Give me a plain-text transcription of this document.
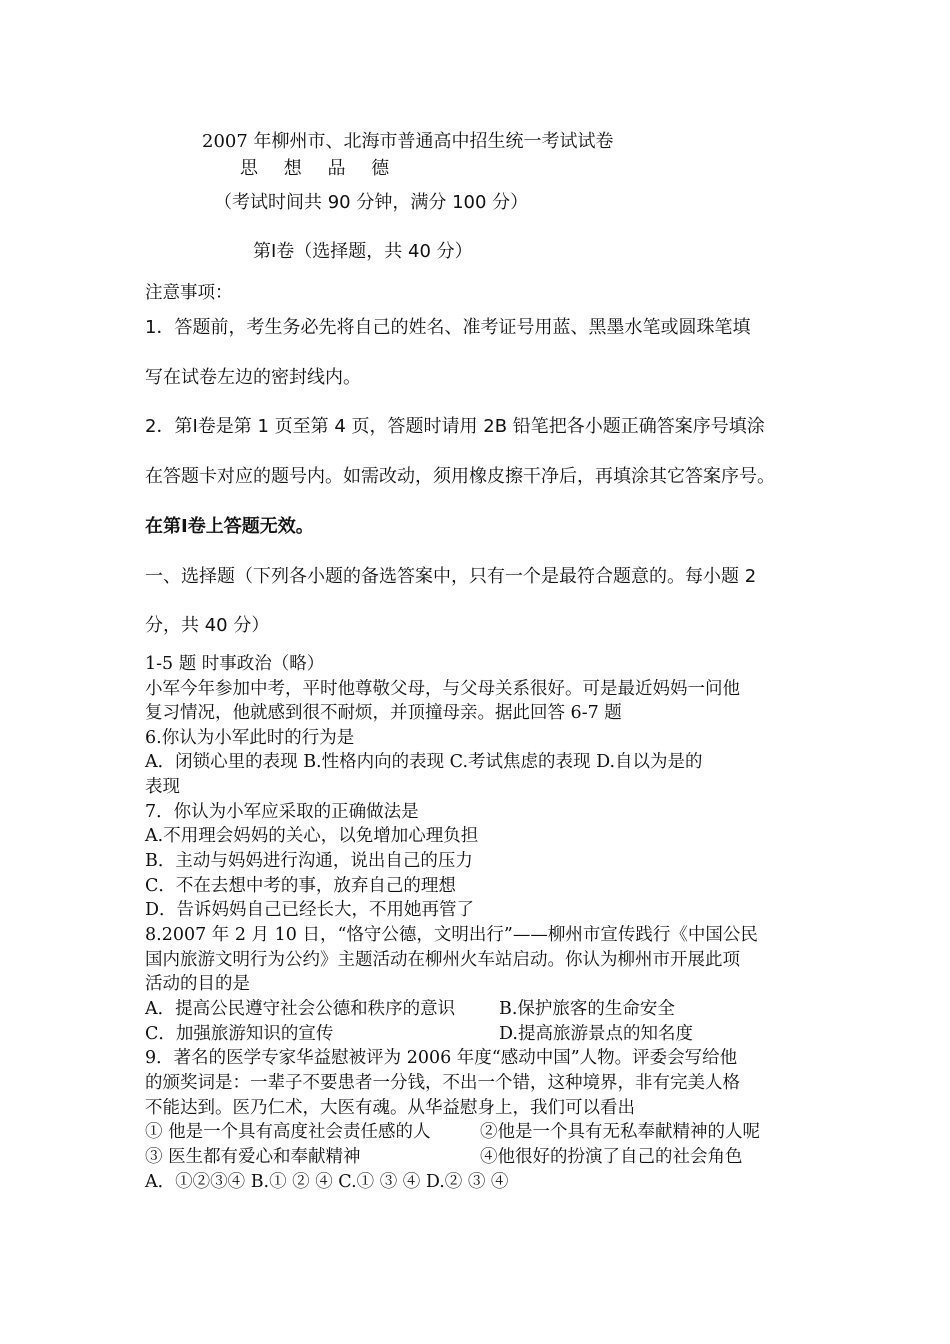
2007 年柳州市、北海市普通高中招生统一考试试卷
思 想 品 德
（考试时间共 90 分钟，满分 100 分）
第Ⅰ卷（选择题，共 40 分）
注意事项：
1．答题前，考生务必先将自己的姓名、准考证号用蓝、黑墨水笔或圆珠笔填
写在试卷左边的密封线内。
2．第Ⅰ卷是第 1 页至第 4 页，答题时请用 2B 铅笔把各小题正确答案序号填涂
在答题卡对应的题号内。如需改动，须用橡皮擦干净后，再填涂其它答案序号。
在第Ⅰ卷上答题无效。
一、选择题（下列各小题的备选答案中，只有一个是最符合题意的。每小题 2
分，共 40 分）
1-5 题 时事政治（略）
小军今年参加中考，平时他尊敬父母，与父母关系很好。可是最近妈妈一问他
复习情况，他就感到很不耐烦，并顶撞母亲。据此回答 6-7 题
6.你认为小军此时的行为是
A．闭锁心里的表现 B.性格内向的表现 C.考试焦虑的表现 D.自以为是的
表现
7．你认为小军应采取的正确做法是
A.不用理会妈妈的关心，以免增加心理负担
B．主动与妈妈进行沟通，说出自己的压力
C．不在去想中考的事，放弃自己的理想
D．告诉妈妈自己已经长大，不用她再管了
8.2007 年 2 月 10 日，“恪守公德，文明出行”——柳州市宣传践行《中国公民
国内旅游文明行为公约》主题活动在柳州火车站启动。你认为柳州市开展此项
活动的目的是
A．提高公民遵守社会公德和秩序的意识	B.保护旅客的生命安全
C．加强旅游知识的宣传	D.提高旅游景点的知名度
9．著名的医学专家华益慰被评为 2006 年度“感动中国”人物。评委会写给他
的颁奖词是：一辈子不要患者一分钱，不出一个错，这种境界，非有完美人格
不能达到。医乃仁术，大医有魂。从华益慰身上，我们可以看出
① 他是一个具有高度社会责任感的人	②他是一个具有无私奉献精神的人呢
③ 医生都有爱心和奉献精神	④他很好的扮演了自己的社会角色
A．①②③④ B.① ② ④ C.① ③ ④ D.② ③ ④
